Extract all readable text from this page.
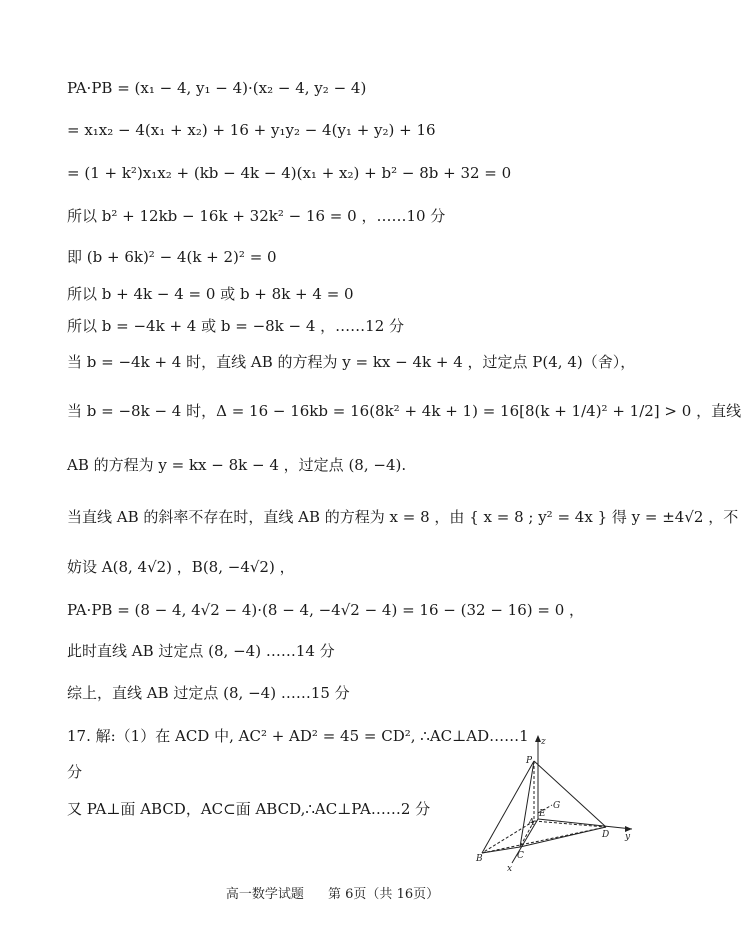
PA·PB = (x₁ − 4, y₁ − 4)·(x₂ − 4, y₂ − 4)
= x₁x₂ − 4(x₁ + x₂) + 16 + y₁y₂ − 4(y₁ + y₂) + 16
= (1 + k²)x₁x₂ + (kb − 4k − 4)(x₁ + x₂) + b² − 8b + 32 = 0
所以 b² + 12kb − 16k + 32k² − 16 = 0 ，……10 分
即 (b + 6k)² − 4(k + 2)² = 0
所以 b + 4k − 4 = 0 或 b + 8k + 4 = 0
所以 b = −4k + 4 或 b = −8k − 4 ，……12 分
当 b = −4k + 4 时，直线 AB 的方程为 y = kx − 4k + 4 ，过定点 P(4, 4)（舍），
当 b = −8k − 4 时，Δ = 16 − 16kb = 16(8k² + 4k + 1) = 16[8(k + 1/4)² + 1/2] > 0 ，直线
AB 的方程为 y = kx − 8k − 4 ，过定点 (8, −4).
当直线 AB 的斜率不存在时，直线 AB 的方程为 x = 8 ，由 { x = 8 ; y² = 4x } 得 y = ±4√2 ，不
妨设 A(8, 4√2) ，B(8, −4√2) ，
PA·PB = (8 − 4, 4√2 − 4)·(8 − 4, −4√2 − 4) = 16 − (32 − 16) = 0 ，
此时直线 AB 过定点 (8, −4) ……14 分
综上，直线 AB 过定点 (8, −4) ……15 分
17. 解:（1）在 ACD 中, AC² + AD² = 45 = CD², ∴AC⊥AD……1
分
又 PA⊥面 ABCD，AC⊂面 ABCD,∴AC⊥PA……2 分
z
P
E
G
A
D y
B	C
x
高一数学试题 第 6页（共 16页）
